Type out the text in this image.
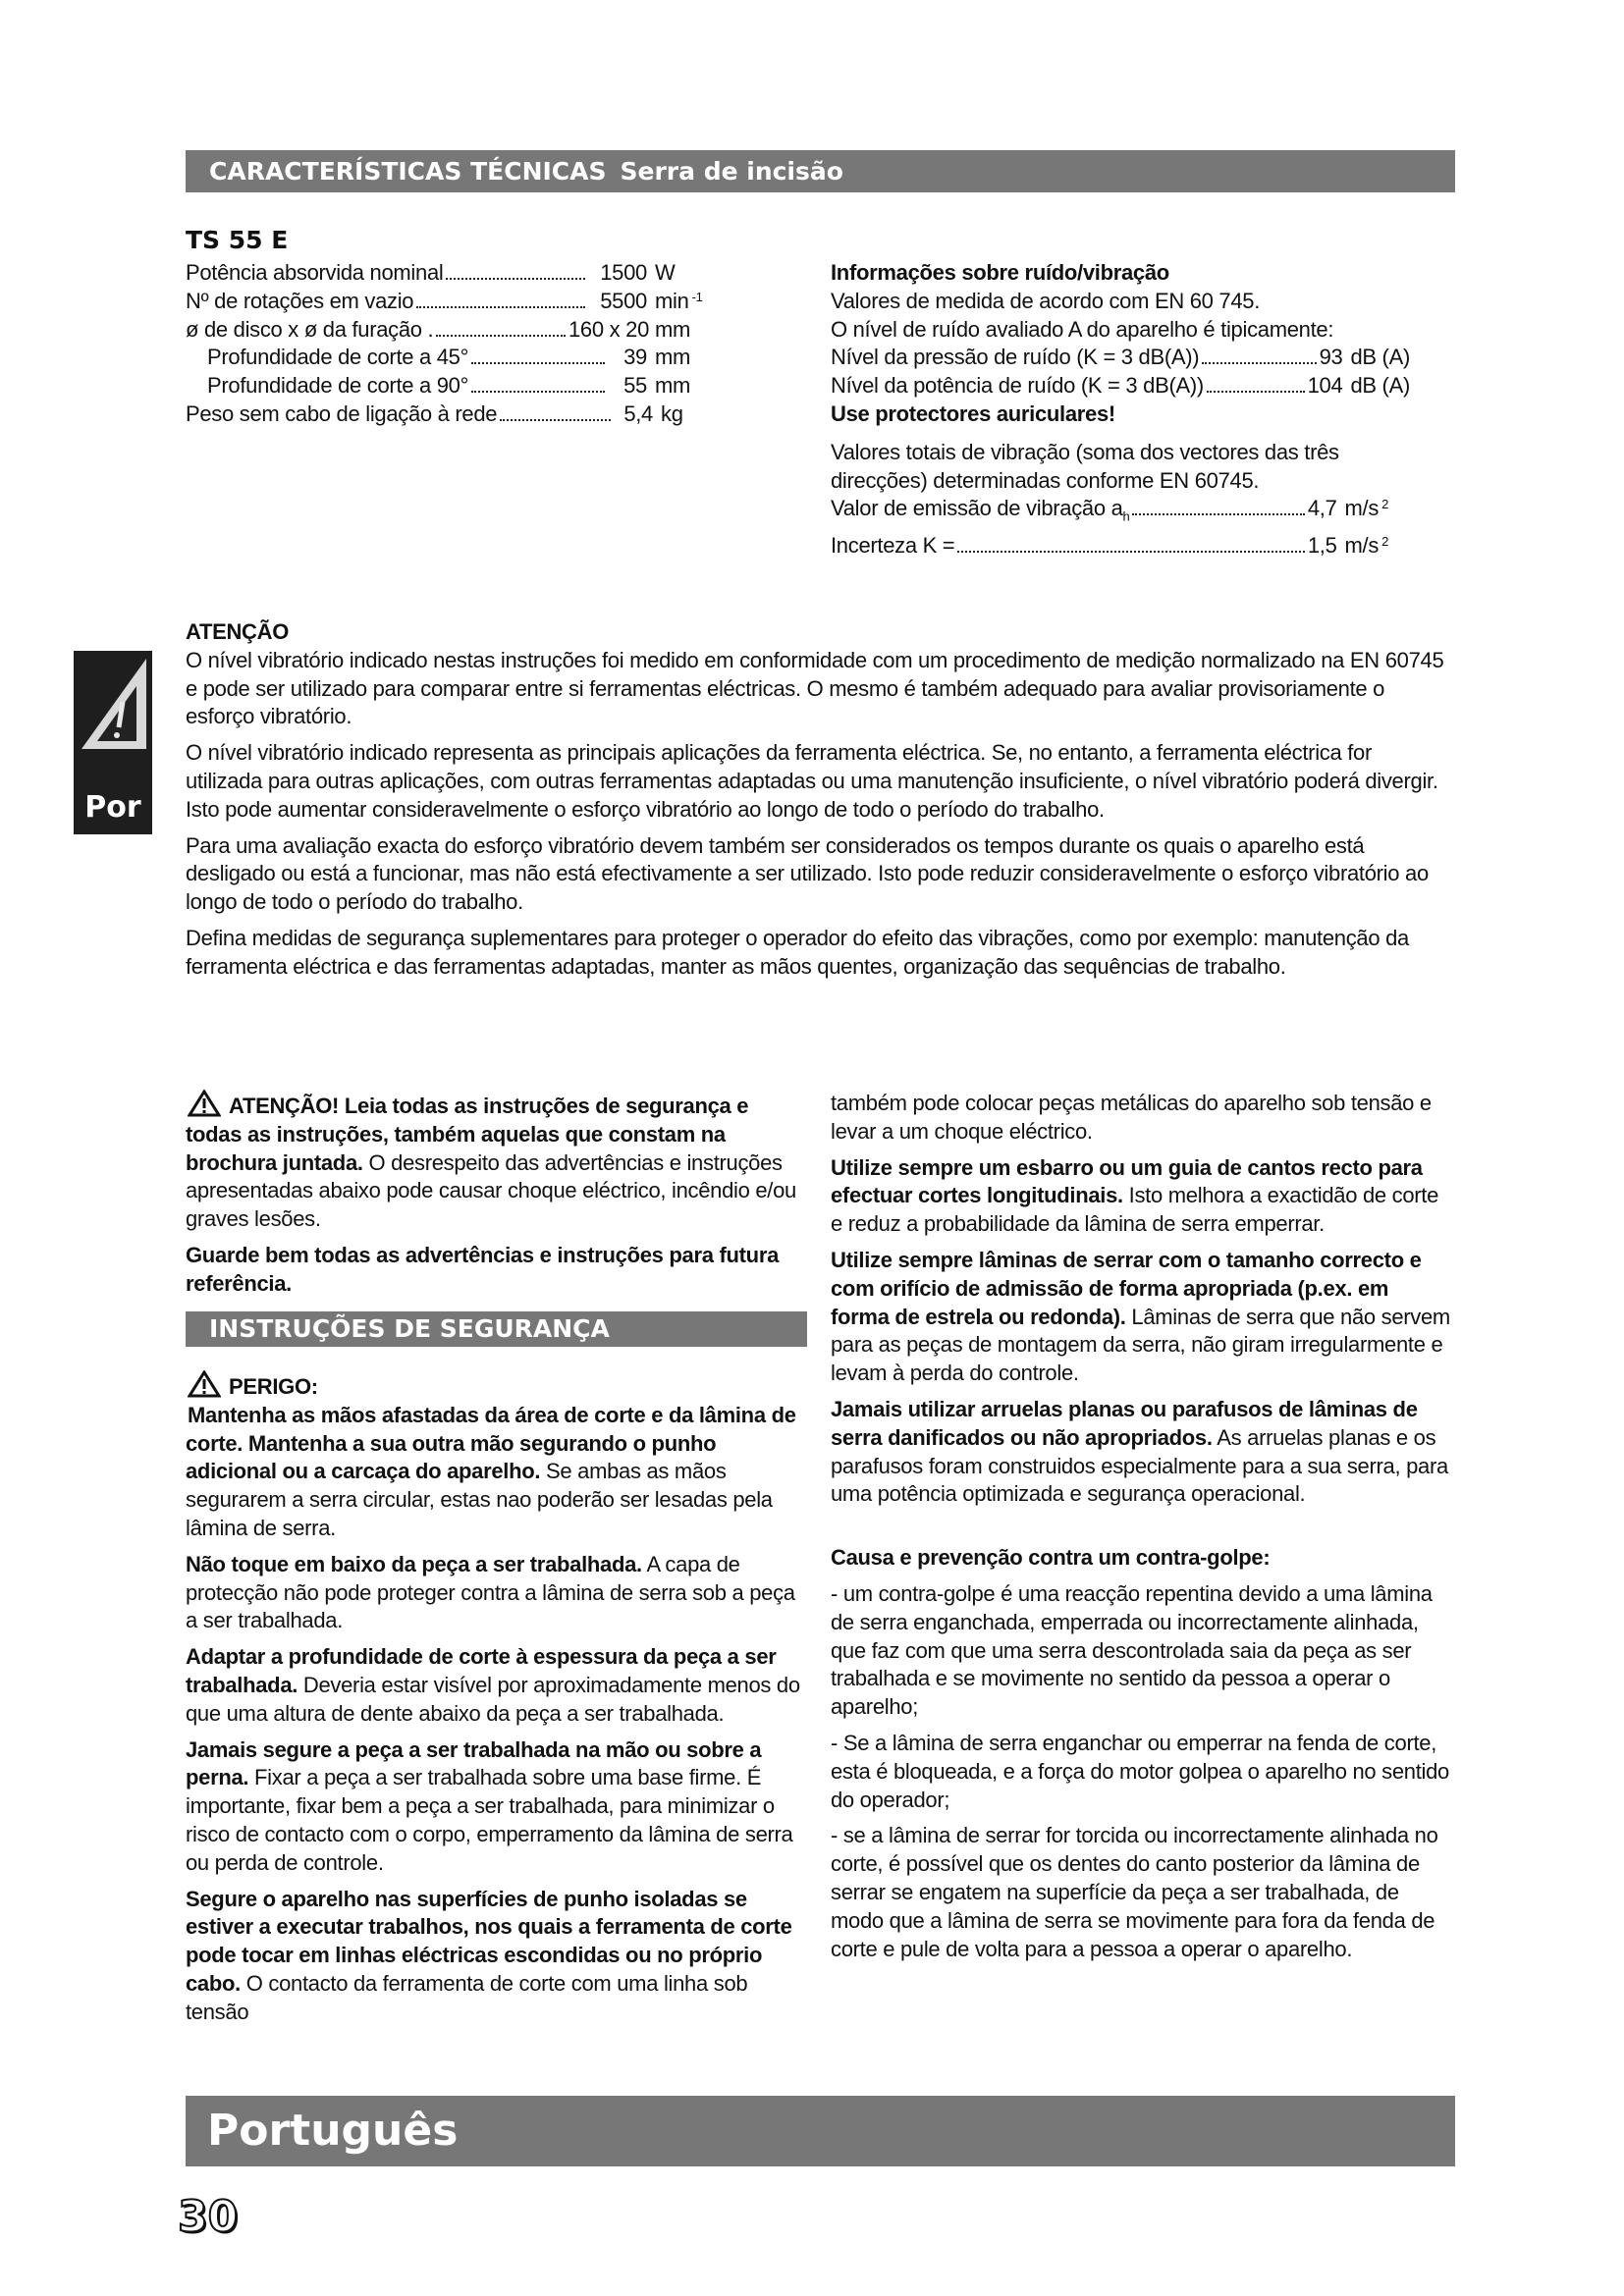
CARACTERÍSTICAS TÉCNICAS Serra de incisão
TS 55 E
Potência absorvida nominal	1500 W
Nº de rotações em vazio	5500 min $^{-1}$
ø de disco x ø da furação .	160 x 20 mm
Profundidade de corte a 45°	39 mm
Profundidade de corte a 90°	55 mm
Peso sem cabo de ligação à rede	5,4 kg

Informações sobre ruído/vibração

Valores de medida de acordo com EN 60 745.

O nível de ruído avaliado A do aparelho é tipicamente:

Nível da pressão de ruído (K = 3 dB(A))	93 dB (A)
Nível da potência de ruído (K = 3 dB(A))	104 dB (A)

Use protectores auriculares!

Valores totais de vibração (soma dos vectores das três direcções) determinadas conforme EN 60745.

Valor de emissão de vibração $a_h$	4,7 m/s $^2$
Incerteza K =	1,5 m/s $^2$
Por

ATENÇÃO

O nível vibratório indicado nestas instruções foi medido em conformidade com um procedimento de medição normalizado na EN 60745 e pode ser utilizado para comparar entre si ferramentas eléctricas. O mesmo é também adequado para avaliar provisoriamente o esforço vibratório.

O nível vibratório indicado representa as principais aplicações da ferramenta eléctrica. Se, no entanto, a ferramenta eléctrica for utilizada para outras aplicações, com outras ferramentas adaptadas ou uma manutenção insuficiente, o nível vibratório poderá divergir. Isto pode aumentar consideravelmente o esforço vibratório ao longo de todo o período do trabalho.

Para uma avaliação exacta do esforço vibratório devem também ser considerados os tempos durante os quais o aparelho está desligado ou está a funcionar, mas não está efectivamente a ser utilizado. Isto pode reduzir consideravelmente o esforço vibratório ao longo de todo o período do trabalho.

Defina medidas de segurança suplementares para proteger o operador do efeito das vibrações, como por exemplo: manutenção da ferramenta eléctrica e das ferramentas adaptadas, manter as mãos quentes, organização das sequências de trabalho.

ATENÇÃO! Leia todas as instruções de segurança e todas as instruções, também aquelas que constam na brochura juntada. O desrespeito das advertências e instruções apresentadas abaixo pode causar choque eléctrico, incêndio e/ou graves lesões.

Guarde bem todas as advertências e instruções para futura referência.

INSTRUÇÕES DE SEGURANÇA

PERIGO:

Mantenha as mãos afastadas da área de corte e da lâmina de corte. Mantenha a sua outra mão segurando o punho adicional ou a carcaça do aparelho. Se ambas as mãos segurarem a serra circular, estas nao poderão ser lesadas pela lâmina de serra.

Não toque em baixo da peça a ser trabalhada. A capa de protecção não pode proteger contra a lâmina de serra sob a peça a ser trabalhada.

Adaptar a profundidade de corte à espessura da peça a ser trabalhada. Deveria estar visível por aproximadamente menos do que uma altura de dente abaixo da peça a ser trabalhada.

Jamais segure a peça a ser trabalhada na mão ou sobre a perna. Fixar a peça a ser trabalhada sobre uma base firme. É importante, fixar bem a peça a ser trabalhada, para minimizar o risco de contacto com o corpo, emperramento da lâmina de serra ou perda de controle.

Segure o aparelho nas superfícies de punho isoladas se estiver a executar trabalhos, nos quais a ferramenta de corte pode tocar em linhas eléctricas escondidas ou no próprio cabo. O contacto da ferramenta de corte com uma linha sob tensão

também pode colocar peças metálicas do aparelho sob tensão e levar a um choque eléctrico.

Utilize sempre um esbarro ou um guia de cantos recto para efectuar cortes longitudinais. Isto melhora a exactidão de corte e reduz a probabilidade da lâmina de serra emperrar.

Utilize sempre lâminas de serrar com o tamanho correcto e com orifício de admissão de forma apropriada (p.ex. em forma de estrela ou redonda). Lâminas de serra que não servem para as peças de montagem da serra, não giram irregularmente e levam à perda do controle.

Jamais utilizar arruelas planas ou parafusos de lâminas de serra danificados ou não apropriados. As arruelas planas e os parafusos foram construidos especialmente para a sua serra, para uma potência optimizada e segurança operacional.

Causa e prevenção contra um contra-golpe:

- um contra-golpe é uma reacção repentina devido a uma lâmina de serra enganchada, emperrada ou incorrectamente alinhada, que faz com que uma serra descontrolada saia da peça as ser trabalhada e se movimente no sentido da pessoa a operar o aparelho;

- Se a lâmina de serra enganchar ou emperrar na fenda de corte, esta é bloqueada, e a força do motor golpea o aparelho no sentido do operador;

- se a lâmina de serrar for torcida ou incorrectamente alinhada no corte, é possível que os dentes do canto posterior da lâmina de serrar se engatem na superfície da peça a ser trabalhada, de modo que a lâmina de serra se movimente para fora da fenda de corte e pule de volta para a pessoa a operar o aparelho.

Português
30
